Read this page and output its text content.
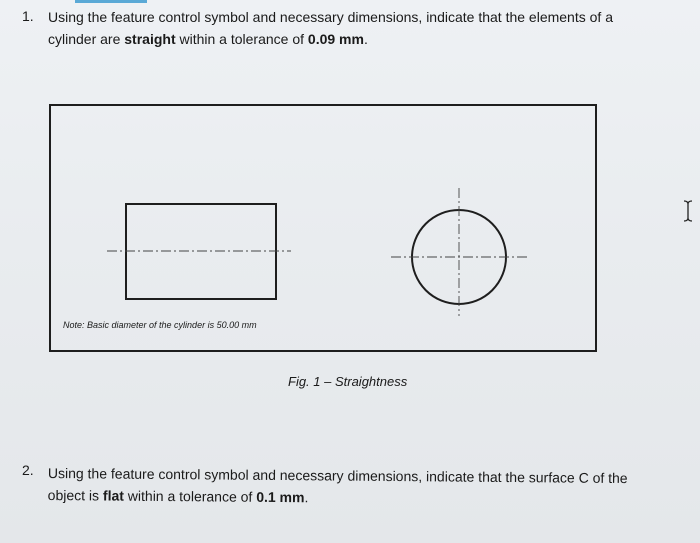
1. Using the feature control symbol and necessary dimensions, indicate that the elements of a
cylinder are straight within a tolerance of 0.09 mm.
Note: Basic diameter of the cylinder is 50.00 mm
Fig. 1 – Straightness
2. Using the feature control symbol and necessary dimensions, indicate that the surface C of the
object is flat within a tolerance of 0.1 mm.
